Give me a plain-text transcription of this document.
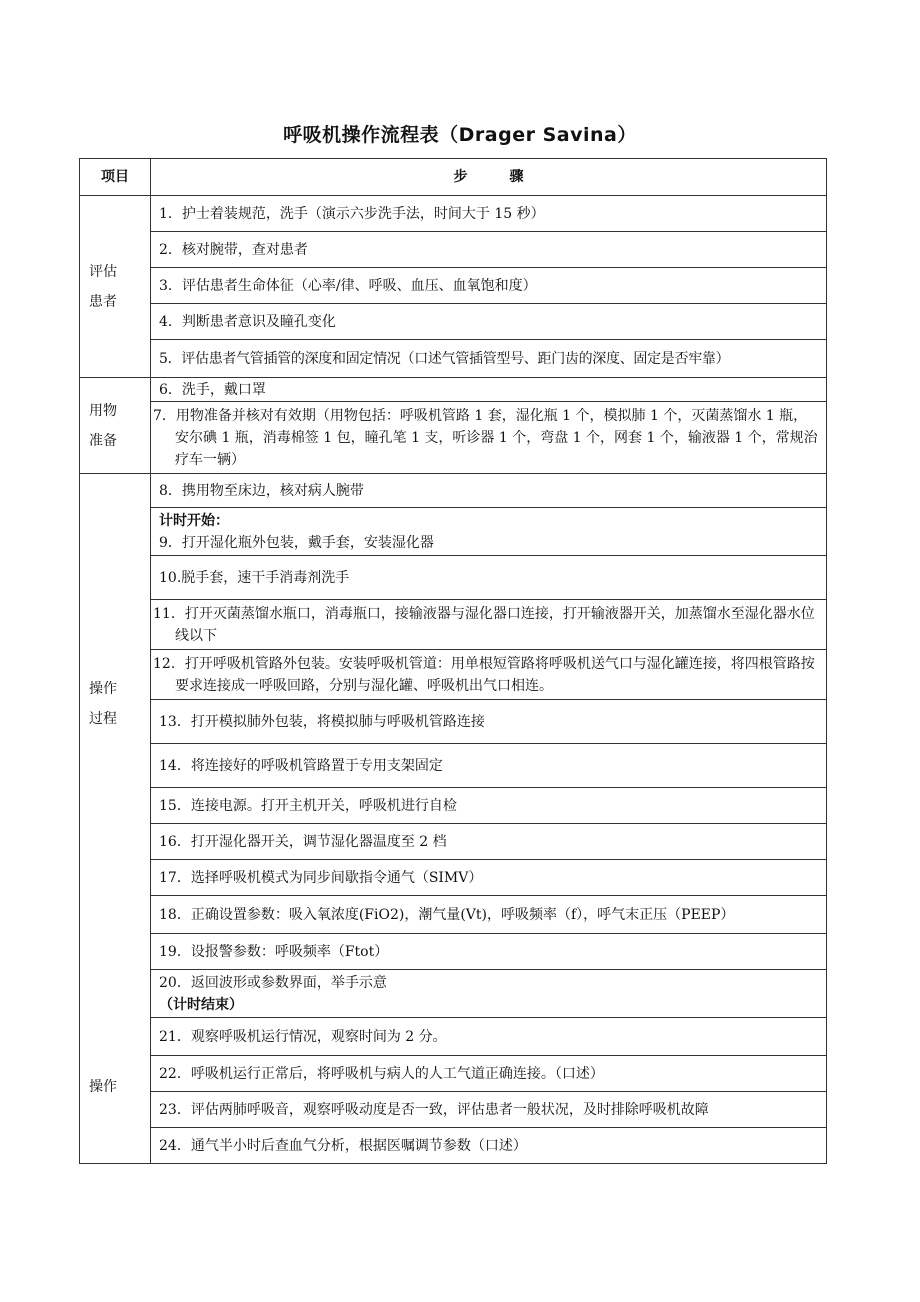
呼吸机操作流程表（Drager Savina）
项目	步　　　骤

评估
患者	1．护士着装规范，洗手（演示六步洗手法，时间大于 15 秒）
	2．核对腕带，查对患者
	3．评估患者生命体征（心率/律、呼吸、血压、血氧饱和度）
	4．判断患者意识及瞳孔变化
	5．评估患者气管插管的深度和固定情况（口述气管插管型号、距门齿的深度、固定是否牢靠）

用物
准备	6．洗手，戴口罩
	7．用物准备并核对有效期（用物包括：呼吸机管路 1 套，湿化瓶 1 个，模拟肺 1 个，灭菌蒸馏水 1 瓶，安尔碘 1 瓶，消毒棉签 1 包，瞳孔笔 1 支，听诊器 1 个，弯盘 1 个，网套 1 个，输液器 1 个，常规治疗车一辆）

操作
过程
操作	8．携用物至床边，核对病人腕带

	计时开始：
9．打开湿化瓶外包装，戴手套，安装湿化器

	10.脱手套，速干手消毒剂洗手
	11．打开灭菌蒸馏水瓶口，消毒瓶口，接输液器与湿化器口连接，打开输液器开关，加蒸馏水至湿化器水位线以下
	12．打开呼吸机管路外包装。安装呼吸机管道：用单根短管路将呼吸机送气口与湿化罐连接，将四根管路按要求连接成一呼吸回路，分别与湿化罐、呼吸机出气口相连。
	13．打开模拟肺外包装，将模拟肺与呼吸机管路连接
	14．将连接好的呼吸机管路置于专用支架固定
	15．连接电源。打开主机开关，呼吸机进行自检
	16．打开湿化器开关，调节湿化器温度至 2 档
	17．选择呼吸机模式为同步间歇指令通气（SIMV）
	18．正确设置参数：吸入氧浓度(FiO2)，潮气量(Vt)，呼吸频率（f），呼气末正压（PEEP）
	19．设报警参数：呼吸频率（Ftot）

	20．返回波形或参数界面，举手示意
（计时结束）

	21．观察呼吸机运行情况，观察时间为 2 分。
	22．呼吸机运行正常后，将呼吸机与病人的人工气道正确连接。（口述）
	23．评估两肺呼吸音，观察呼吸动度是否一致，评估患者一般状况，及时排除呼吸机故障
	24．通气半小时后查血气分析，根据医嘱调节参数（口述）
